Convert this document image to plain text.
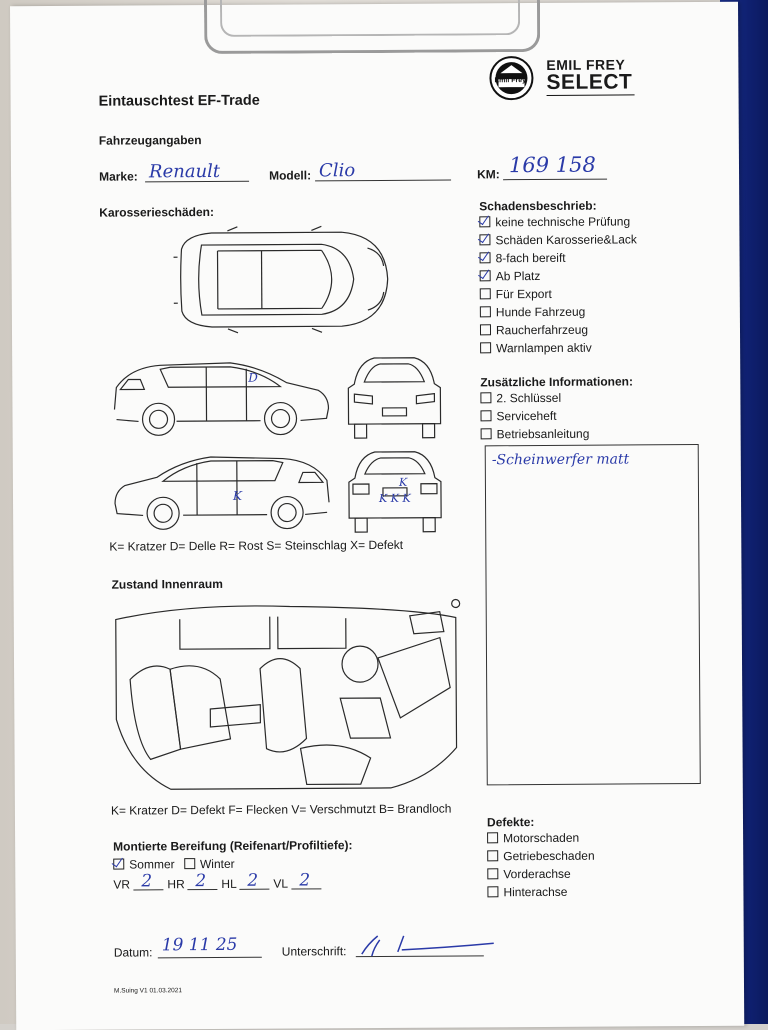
Emil Frey
EMIL FREY
SELECT
Eintauschtest EF-Trade
Fahrzeugangaben
Marke: Renault	Modell: Clio	KM: 169 158
Karosserieschäden:
D
K
K
K K K
K= Kratzer D= Delle R= Rost S= Steinschlag X= Defekt
Zustand Innenraum
K= Kratzer D= Defekt F= Flecken V= Verschmutzt B= Brandloch
Montierte Bereifung (Reifenart/Profiltiefe):
Sommer Winter
VR 2 HR 2 HL 2 VL 2
Datum: 19 11 25	Unterschrift:
M.Suing V1 01.03.2021
Schadensbeschrieb:
keine technische Prüfung
Schäden Karosserie&Lack
8-fach bereift
Ab Platz
Für Export
Hunde Fahrzeug
Raucherfahrzeug
Warnlampen aktiv
Zusätzliche Informationen:
2. Schlüssel
Serviceheft
Betriebsanleitung
-Scheinwerfer matt
Defekte:
Motorschaden
Getriebeschaden
Vorderachse
Hinterachse
